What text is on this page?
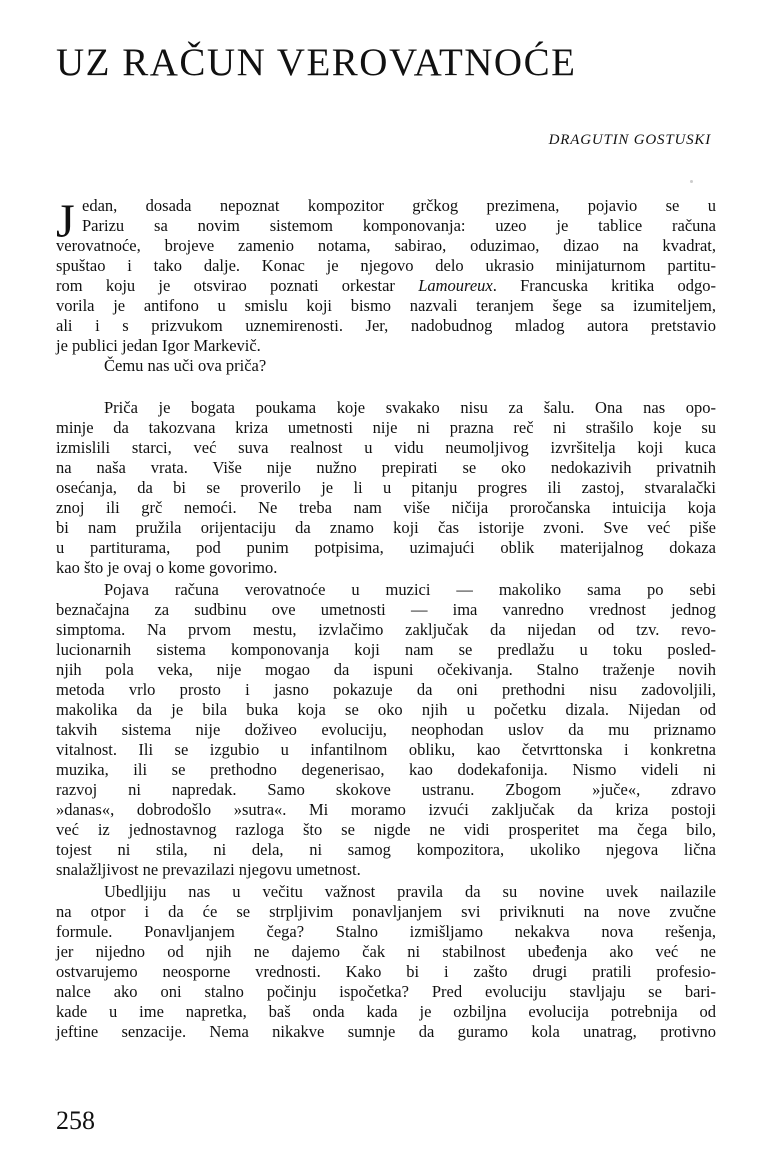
UZ RAČUN VEROVATNOĆE
DRAGUTIN GOSTUSKI
J edan, dosada nepoznat kompozitor grčkog prezimena, pojavio se u
Parizu sa novim sistemom komponovanja: uzeo je tablice računa
verovatnoće, brojeve zamenio notama, sabirao, oduzimao, dizao na kvadrat,
spuštao i tako dalje. Konac je njegovo delo ukrasio minijaturnom partitu-
rom koju je otsvirao poznati orkestar Lamoureux. Francuska kritika odgo-
vorila je antifono u smislu koji bismo nazvali teranjem šege sa izumiteljem,
ali i s prizvukom uznemirenosti. Jer, nadobudnog mladog autora pretstavio
je publici jedan Igor Markevič.
Čemu nas uči ova priča?
Priča je bogata poukama koje svakako nisu za šalu. Ona nas opo-
minje da takozvana kriza umetnosti nije ni prazna reč ni strašilo koje su
izmislili starci, već suva realnost u vidu neumoljivog izvršitelja koji kuca
na naša vrata. Više nije nužno prepirati se oko nedokazivih privatnih
osećanja, da bi se proverilo je li u pitanju progres ili zastoj, stvaralački
znoj ili grč nemoći. Ne treba nam više ničija proročanska intuicija koja
bi nam pružila orijentaciju da znamo koji čas istorije zvoni. Sve već piše
u partiturama, pod punim potpisima, uzimajući oblik materijalnog dokaza
kao što je ovaj o kome govorimo.
Pojava računa verovatnoće u muzici — makoliko sama po sebi
beznačajna za sudbinu ove umetnosti — ima vanredno vrednost jednog
simptoma. Na prvom mestu, izvlačimo zaključak da nijedan od tzv. revo-
lucionarnih sistema komponovanja koji nam se predlažu u toku posled-
njih pola veka, nije mogao da ispuni očekivanja. Stalno traženje novih
metoda vrlo prosto i jasno pokazuje da oni prethodni nisu zadovoljili,
makolika da je bila buka koja se oko njih u početku dizala. Nijedan od
takvih sistema nije doživeo evoluciju, neophodan uslov da mu priznamo
vitalnost. Ili se izgubio u infantilnom obliku, kao četvrttonska i konkretna
muzika, ili se prethodno degenerisao, kao dodekafonija. Nismo videli ni
razvoj ni napredak. Samo skokove ustranu. Zbogom »juče«, zdravo
»danas«, dobrodošlo »sutra«. Mi moramo izvući zaključak da kriza postoji
već iz jednostavnog razloga što se nigde ne vidi prosperitet ma čega bilo,
tojest ni stila, ni dela, ni samog kompozitora, ukoliko njegova lična
snalažljivost ne prevazilazi njegovu umetnost.
Ubedljiju nas u večitu važnost pravila da su novine uvek nailazile
na otpor i da će se strpljivim ponavljanjem svi priviknuti na nove zvučne
formule. Ponavljanjem čega? Stalno izmišljamo nekakva nova rešenja,
jer nijedno od njih ne dajemo čak ni stabilnost ubeđenja ako već ne
ostvarujemo neosporne vrednosti. Kako bi i zašto drugi pratili profesio-
nalce ako oni stalno počinju ispočetka? Pred evoluciju stavljaju se bari-
kade u ime napretka, baš onda kada je ozbiljna evolucija potrebnija od
jeftine senzacije. Nema nikakve sumnje da guramo kola unatrag, protivno
258
